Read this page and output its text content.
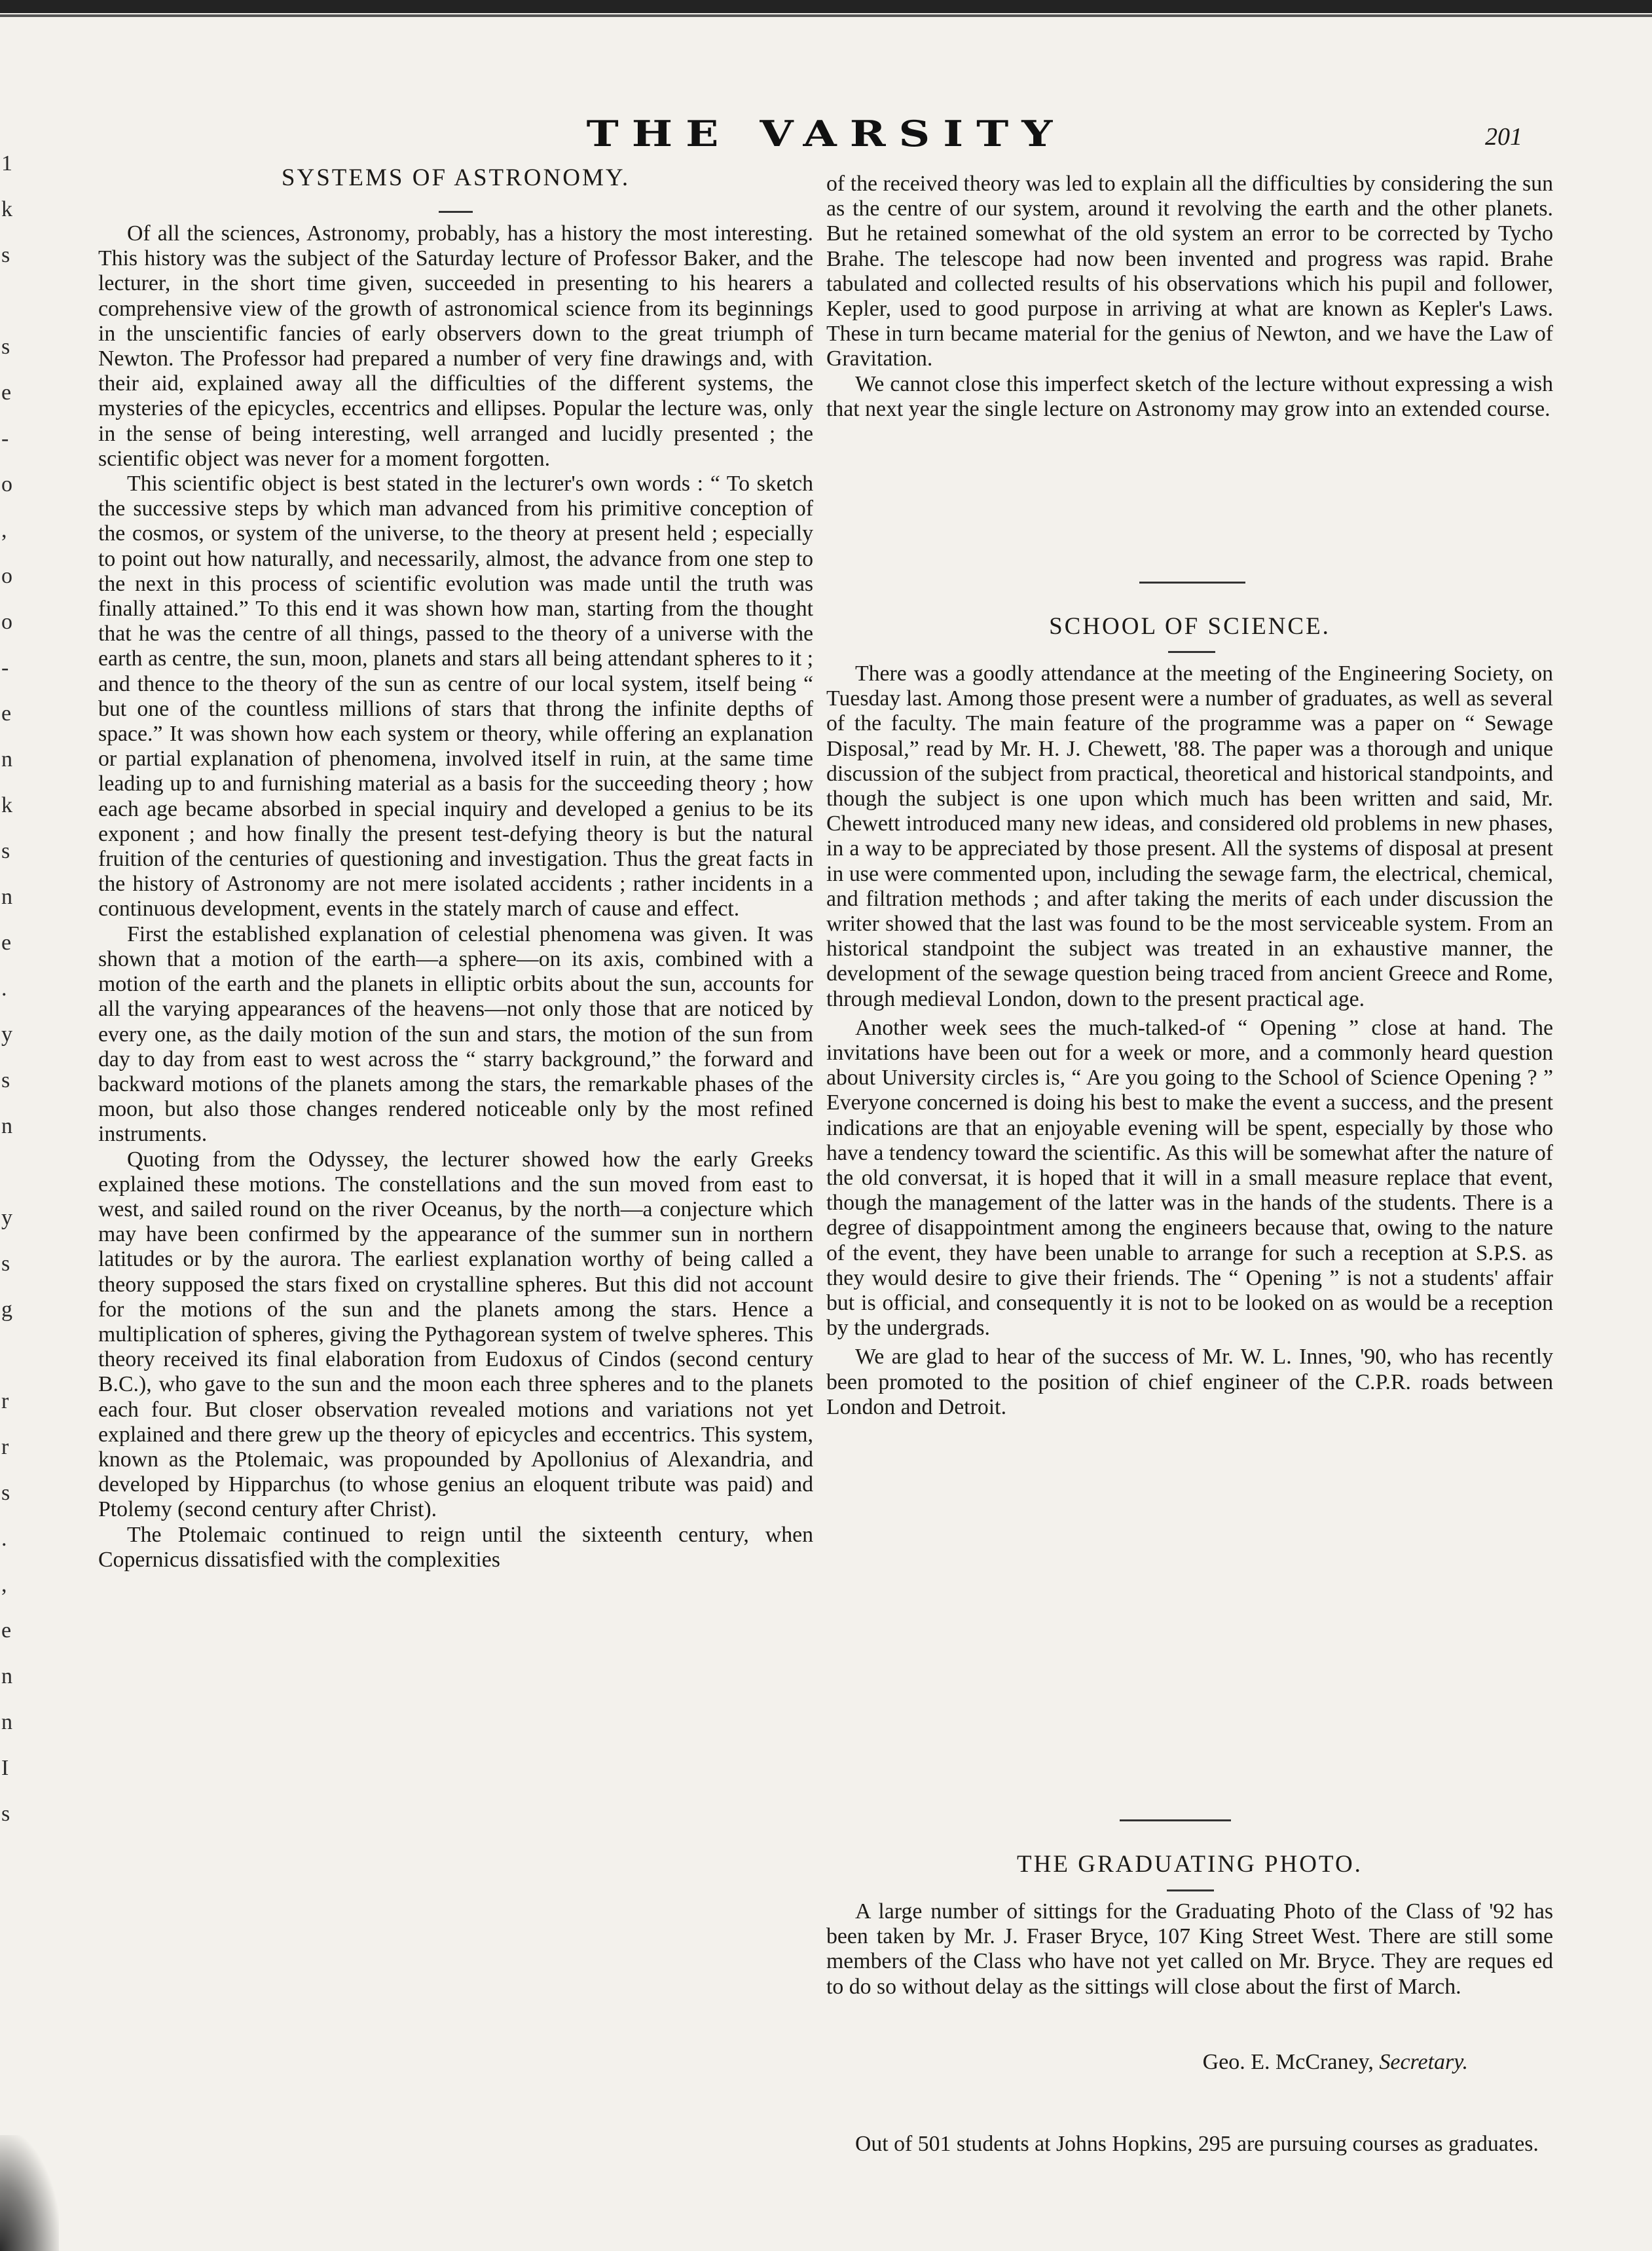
1
k
s

s
e
-
o
,
o
o
-
e
n
k
s
n
e
.
y
s
n

y
s
g

r
r
s
.
,
e
n
n
I
s
THE VARSITY	201
SYSTEMS OF ASTRONOMY.

Of all the sciences, Astronomy, probably, has a history the most interesting. This history was the subject of the Saturday lecture of Professor Baker, and the lecturer, in the short time given, succeeded in presenting to his hearers a comprehensive view of the growth of astronomical science from its beginnings in the unscientific fancies of early observers down to the great triumph of Newton. The Professor had prepared a number of very fine drawings and, with their aid, explained away all the difficulties of the different systems, the mysteries of the epicycles, eccentrics and ellipses. Popular the lecture was, only in the sense of being interesting, well arranged and lucidly presented ; the scientific object was never for a moment forgotten.

This scientific object is best stated in the lecturer's own words : “ To sketch the successive steps by which man advanced from his primitive conception of the cosmos, or system of the universe, to the theory at present held ; especially to point out how naturally, and necessarily, almost, the advance from one step to the next in this process of scientific evolution was made until the truth was finally attained.” To this end it was shown how man, starting from the thought that he was the centre of all things, passed to the theory of a universe with the earth as centre, the sun, moon, planets and stars all being attendant spheres to it ; and thence to the theory of the sun as centre of our local system, itself being “ but one of the countless millions of stars that throng the infinite depths of space.” It was shown how each system or theory, while offering an explanation or partial explanation of phenomena, involved itself in ruin, at the same time leading up to and furnishing material as a basis for the succeeding theory ; how each age became absorbed in special inquiry and developed a genius to be its exponent ; and how finally the present test-defying theory is but the natural fruition of the centuries of questioning and investigation. Thus the great facts in the history of Astronomy are not mere isolated accidents ; rather incidents in a continuous development, events in the stately march of cause and effect.

First the established explanation of celestial phenomena was given. It was shown that a motion of the earth—a sphere—on its axis, combined with a motion of the earth and the planets in elliptic orbits about the sun, accounts for all the varying appearances of the heavens—not only those that are noticed by every one, as the daily motion of the sun and stars, the motion of the sun from day to day from east to west across the “ starry background,” the forward and backward motions of the planets among the stars, the remarkable phases of the moon, but also those changes rendered noticeable only by the most refined instruments.

Quoting from the Odyssey, the lecturer showed how the early Greeks explained these motions. The constellations and the sun moved from east to west, and sailed round on the river Oceanus, by the north—a conjecture which may have been confirmed by the appearance of the summer sun in northern latitudes or by the aurora. The earliest explanation worthy of being called a theory supposed the stars fixed on crystalline spheres. But this did not account for the motions of the sun and the planets among the stars. Hence a multiplication of spheres, giving the Pythagorean system of twelve spheres. This theory received its final elaboration from Eudoxus of Cindos (second century B.C.), who gave to the sun and the moon each three spheres and to the planets each four. But closer observation revealed motions and variations not yet explained and there grew up the theory of epicycles and eccentrics. This system, known as the Ptolemaic, was propounded by Apollonius of Alexandria, and developed by Hipparchus (to whose genius an eloquent tribute was paid) and Ptolemy (second century after Christ).

The Ptolemaic continued to reign until the sixteenth century, when Copernicus dissatisfied with the complexities

of the received theory was led to explain all the difficulties by considering the sun as the centre of our system, around it revolving the earth and the other planets. But he retained somewhat of the old system an error to be corrected by Tycho Brahe. The telescope had now been invented and progress was rapid. Brahe tabulated and collected results of his observations which his pupil and follower, Kepler, used to good purpose in arriving at what are known as Kepler's Laws. These in turn became material for the genius of Newton, and we have the Law of Gravitation.

We cannot close this imperfect sketch of the lecture without expressing a wish that next year the single lecture on Astronomy may grow into an extended course.

SCHOOL OF SCIENCE.

There was a goodly attendance at the meeting of the Engineering Society, on Tuesday last. Among those present were a number of graduates, as well as several of the faculty. The main feature of the programme was a paper on “ Sewage Disposal,” read by Mr. H. J. Chewett, '88. The paper was a thorough and unique discussion of the subject from practical, theoretical and historical standpoints, and though the subject is one upon which much has been written and said, Mr. Chewett introduced many new ideas, and considered old problems in new phases, in a way to be appreciated by those present. All the systems of disposal at present in use were commented upon, including the sewage farm, the electrical, chemical, and filtration methods ; and after taking the merits of each under discussion the writer showed that the last was found to be the most serviceable system. From an historical standpoint the subject was treated in an exhaustive manner, the development of the sewage question being traced from ancient Greece and Rome, through medieval London, down to the present practical age.

Another week sees the much-talked-of “ Opening ” close at hand. The invitations have been out for a week or more, and a commonly heard question about University circles is, “ Are you going to the School of Science Opening ? ” Everyone concerned is doing his best to make the event a success, and the present indications are that an enjoyable evening will be spent, especially by those who have a tendency toward the scientific. As this will be somewhat after the nature of the old conversat, it is hoped that it will in a small measure replace that event, though the management of the latter was in the hands of the students. There is a degree of disappointment among the engineers because that, owing to the nature of the event, they have been unable to arrange for such a reception at S.P.S. as they would desire to give their friends. The “ Opening ” is not a students' affair but is official, and consequently it is not to be looked on as would be a reception by the undergrads.

We are glad to hear of the success of Mr. W. L. Innes, '90, who has recently been promoted to the position of chief engineer of the C.P.R. roads between London and Detroit.

THE GRADUATING PHOTO.

A large number of sittings for the Graduating Photo of the Class of '92 has been taken by Mr. J. Fraser Bryce, 107 King Street West. There are still some members of the Class who have not yet called on Mr. Bryce. They are reques ed to do so without delay as the sittings will close about the first of March.

Geo. E. McCraney, Secretary.

Out of 501 students at Johns Hopkins, 295 are pursuing courses as graduates.
